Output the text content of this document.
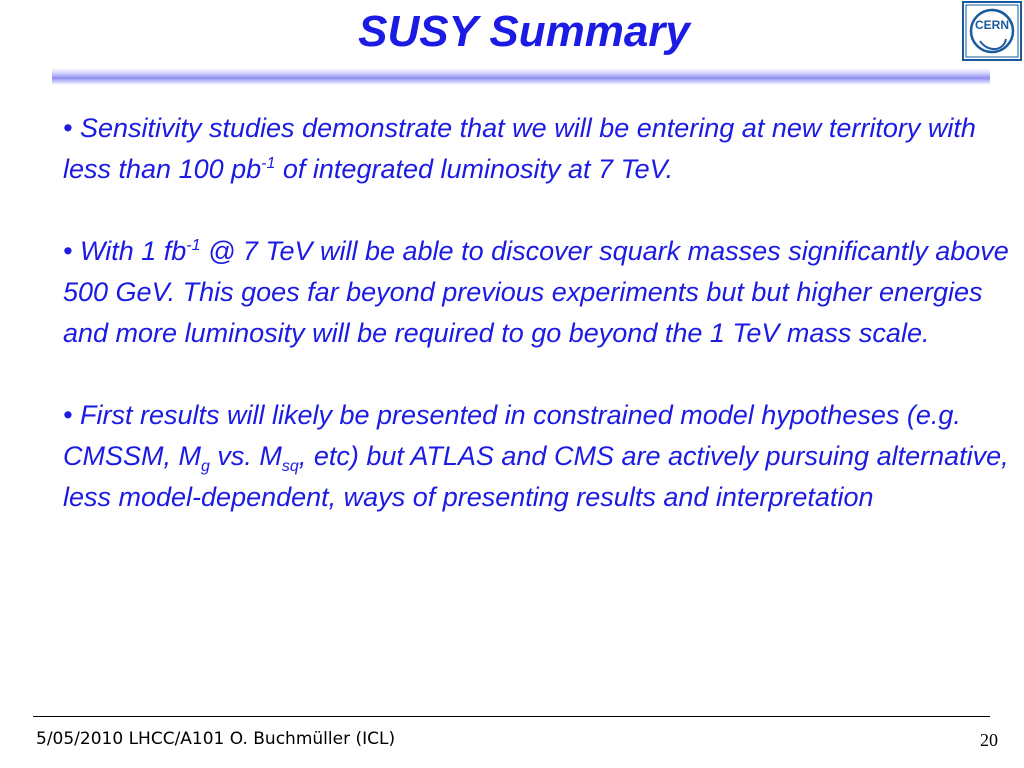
SUSY Summary	CERN
• Sensitivity studies demonstrate that we will be entering at new territory with less than 100 $pb^{-1}$ of integrated luminosity at 7 TeV.
• With 1 $fb^{-1}$ @ 7 TeV will be able to discover squark masses significantly above 500 GeV. This goes far beyond previous experiments but but higher energies and more luminosity will be required to go beyond the 1 TeV mass scale.
• First results will likely be presented in constrained model hypotheses (e.g. CMSSM, $M_g$ vs. $M_{sq}$, etc) but ATLAS and CMS are actively pursuing alternative, less model-dependent, ways of presenting results and interpretation
5/05/2010 LHCC/A101 O. Buchmüller (ICL)	20
